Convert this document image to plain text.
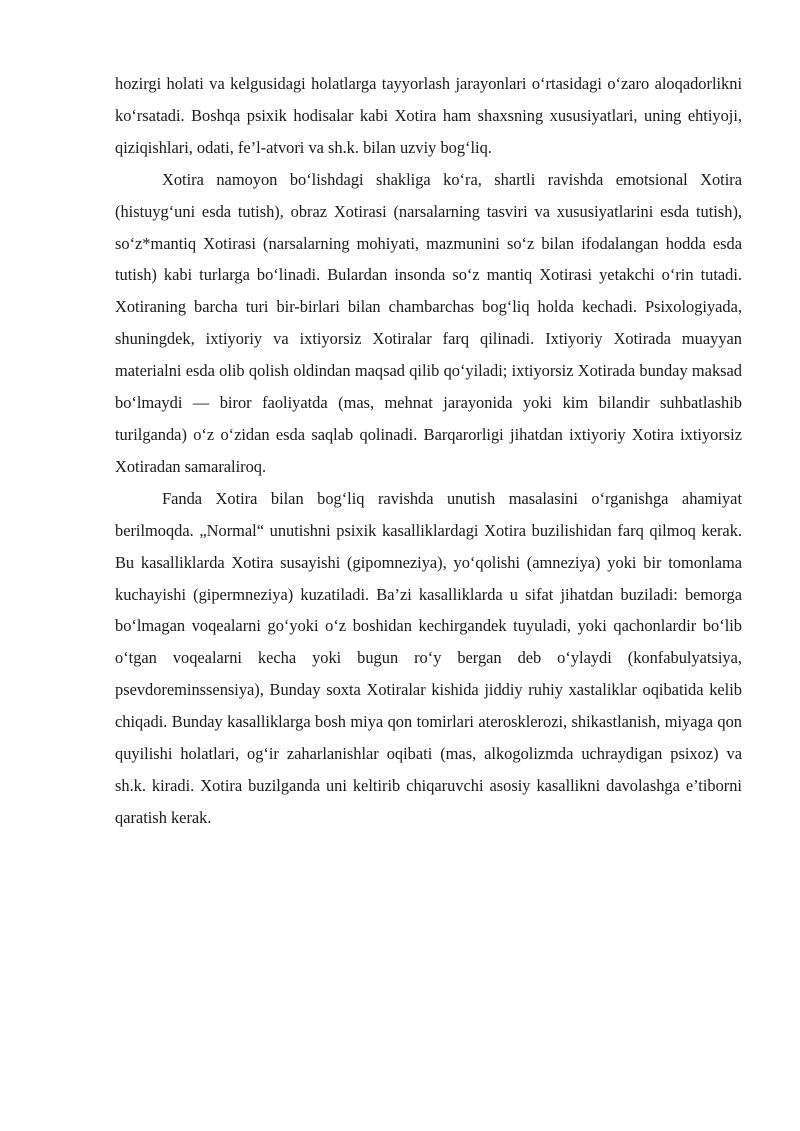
hozirgi holati va kelgusidagi holatlarga tayyorlash jarayonlari o‘rtasidagi o‘zaro aloqadorlikni ko‘rsatadi. Boshqa psixik hodisalar kabi Xotira ham shaxsning xususiyatlari, uning ehtiyoji, qiziqishlari, odati, fe’l-atvori va sh.k. bilan uzviy bog‘liq.

Xotira namoyon bo‘lishdagi shakliga ko‘ra, shartli ravishda emotsional Xotira (histuyg‘uni esda tutish), obraz Xotirasi (narsalarning tasviri va xususiyatlarini esda tutish), so‘z*mantiq Xotirasi (narsalarning mohiyati, mazmunini so‘z bilan ifodalangan hodda esda tutish) kabi turlarga bo‘linadi. Bulardan insonda so‘z mantiq Xotirasi yetakchi o‘rin tutadi. Xotiraning barcha turi bir-birlari bilan chambarchas bog‘liq holda kechadi. Psixologiyada, shuningdek, ixtiyoriy va ixtiyorsiz Xotiralar farq qilinadi. Ixtiyoriy Xotirada muayyan materialni esda olib qolish oldindan maqsad qilib qo‘yiladi; ixtiyorsiz Xotirada bunday maksad bo‘lmaydi — biror faoliyatda (mas, mehnat jarayonida yoki kim bilandir suhbatlashib turilganda) o‘z o‘zidan esda saqlab qolinadi. Barqarorligi jihatdan ixtiyoriy Xotira ixtiyorsiz Xotiradan samaraliroq.

Fanda Xotira bilan bog‘liq ravishda unutish masalasini o‘rganishga ahamiyat berilmoqda. „Normal“ unutishni psixik kasalliklardagi Xotira buzilishidan farq qilmoq kerak. Bu kasalliklarda Xotira susayishi (gipomneziya), yo‘qolishi (amneziya) yoki bir tomonlama kuchayishi (gipermneziya) kuzatiladi. Ba’zi kasalliklarda u sifat jihatdan buziladi: bemorga bo‘lmagan voqealarni go‘yoki o‘z boshidan kechirgandek tuyuladi, yoki qachonlardir bo‘lib o‘tgan voqealarni kecha yoki bugun ro‘y bergan deb o‘ylaydi (konfabulyatsiya, psevdoreminssensiya), Bunday soxta Xotiralar kishida jiddiy ruhiy xastaliklar oqibatida kelib chiqadi. Bunday kasalliklarga bosh miya qon tomirlari aterosklerozi, shikastlanish, miyaga qon quyilishi holatlari, og‘ir zaharlanishlar oqibati (mas, alkogolizmda uchraydigan psixoz) va sh.k. kiradi. Xotira buzilganda uni keltirib chiqaruvchi asosiy kasallikni davolashga e’tiborni qaratish kerak.
